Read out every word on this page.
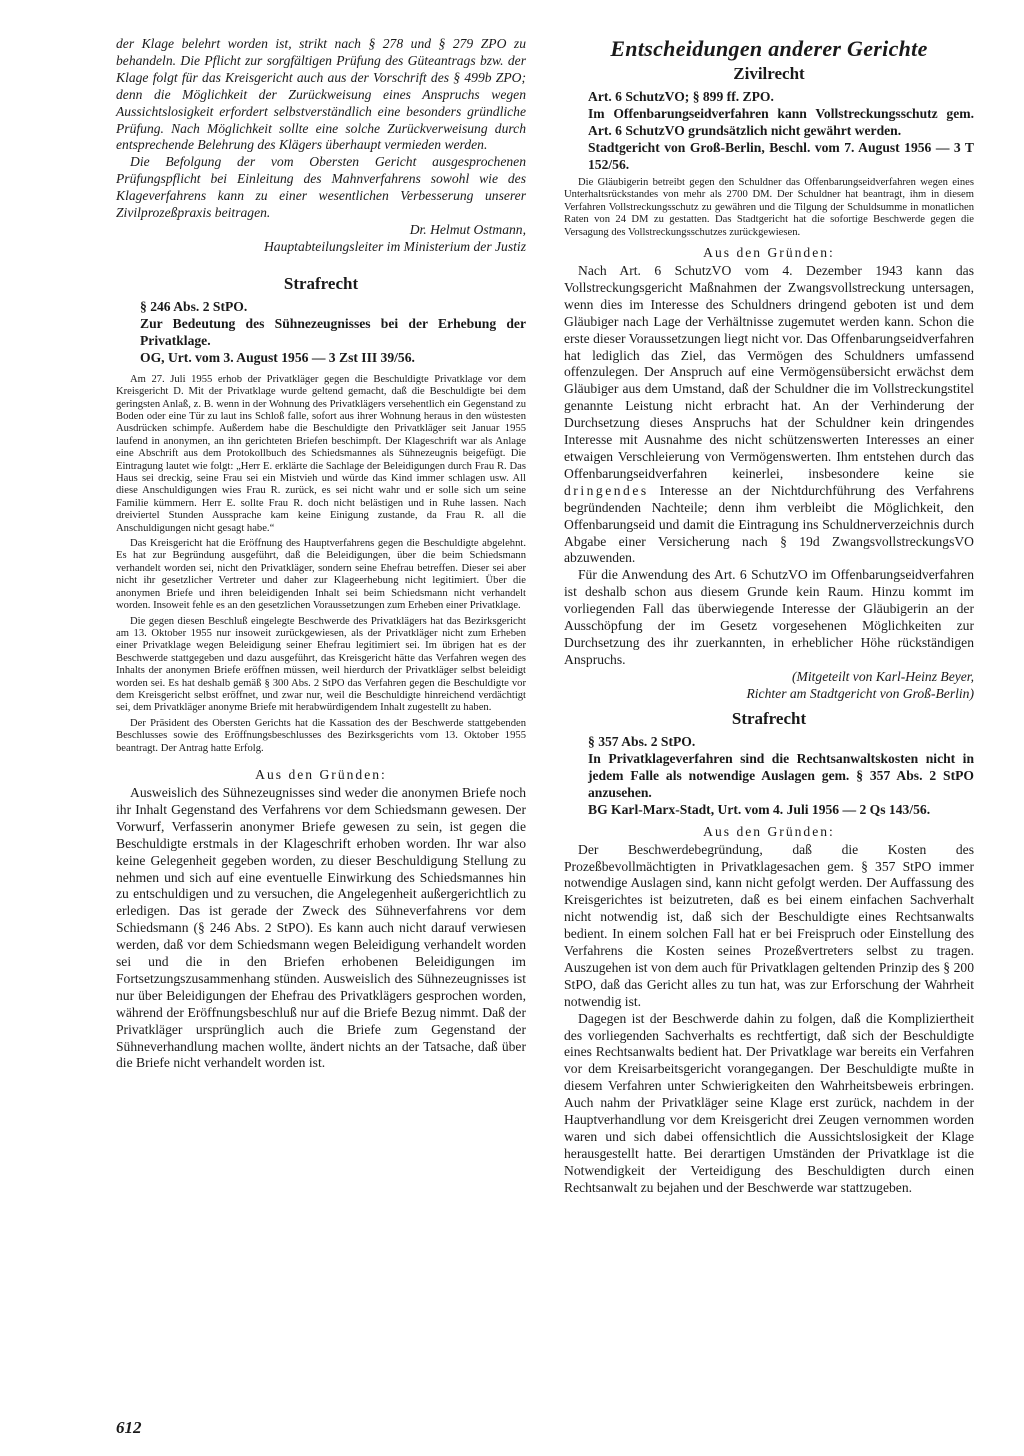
der Klage belehrt worden ist, strikt nach § 278 und § 279 ZPO zu behandeln. Die Pflicht zur sorgfältigen Prüfung des Güteantrags bzw. der Klage folgt für das Kreisgericht auch aus der Vorschrift des § 499b ZPO; denn die Möglichkeit der Zurückweisung eines Anspruchs wegen Aussichtslosigkeit erfordert selbstverständlich eine besonders gründliche Prüfung. Nach Möglichkeit sollte eine solche Zurückverweisung durch entsprechende Belehrung des Klägers überhaupt vermieden werden.

Die Befolgung der vom Obersten Gericht ausgesprochenen Prüfungspflicht bei Einleitung des Mahnverfahrens sowohl wie des Klageverfahrens kann zu einer wesentlichen Verbesserung unserer Zivilprozeßpraxis beitragen.

Dr. Helmut Ostmann,

Hauptabteilungsleiter im Ministerium der Justiz

Strafrecht

§ 246 Abs. 2 StPO.

Zur Bedeutung des Sühnezeugnisses bei der Erhebung der Privatklage.

OG, Urt. vom 3. August 1956 — 3 Zst III 39/56.

Am 27. Juli 1955 erhob der Privatkläger gegen die Beschuldigte Privatklage vor dem Kreisgericht D. Mit der Privatklage wurde geltend gemacht, daß die Beschuldigte bei dem geringsten Anlaß, z. B. wenn in der Wohnung des Privatklägers versehentlich ein Gegenstand zu Boden oder eine Tür zu laut ins Schloß falle, sofort aus ihrer Wohnung heraus in den wüstesten Ausdrücken schimpfe. Außerdem habe die Beschuldigte den Privatkläger seit Januar 1955 laufend in anonymen, an ihn gerichteten Briefen beschimpft. Der Klageschrift war als Anlage eine Abschrift aus dem Protokollbuch des Schiedsmannes als Sühnezeugnis beigefügt. Die Eintragung lautet wie folgt: „Herr E. erklärte die Sachlage der Beleidigungen durch Frau R. Das Haus sei dreckig, seine Frau sei ein Mistvieh und würde das Kind immer schlagen usw. All diese Anschuldigungen wies Frau R. zurück, es sei nicht wahr und er solle sich um seine Familie kümmern. Herr E. sollte Frau R. doch nicht belästigen und in Ruhe lassen. Nach dreiviertel Stunden Aussprache kam keine Einigung zustande, da Frau R. all die Anschuldigungen nicht gesagt habe.“

Das Kreisgericht hat die Eröffnung des Hauptverfahrens gegen die Beschuldigte abgelehnt. Es hat zur Begründung ausgeführt, daß die Beleidigungen, über die beim Schiedsmann verhandelt worden sei, nicht den Privatkläger, sondern seine Ehefrau betreffen. Dieser sei aber nicht ihr gesetzlicher Vertreter und daher zur Klageerhebung nicht legitimiert. Über die anonymen Briefe und ihren beleidigenden Inhalt sei beim Schiedsmann nicht verhandelt worden. Insoweit fehle es an den gesetzlichen Voraussetzungen zum Erheben einer Privatklage.

Die gegen diesen Beschluß eingelegte Beschwerde des Privatklägers hat das Bezirksgericht am 13. Oktober 1955 nur insoweit zurückgewiesen, als der Privatkläger nicht zum Erheben einer Privatklage wegen Beleidigung seiner Ehefrau legitimiert sei. Im übrigen hat es der Beschwerde stattgegeben und dazu ausgeführt, das Kreisgericht hätte das Verfahren wegen des Inhalts der anonymen Briefe eröffnen müssen, weil hierdurch der Privatkläger selbst beleidigt worden sei. Es hat deshalb gemäß § 300 Abs. 2 StPO das Verfahren gegen die Beschuldigte vor dem Kreisgericht selbst eröffnet, und zwar nur, weil die Beschuldigte hinreichend verdächtigt sei, dem Privatkläger anonyme Briefe mit herabwürdigendem Inhalt zugestellt zu haben.

Der Präsident des Obersten Gerichts hat die Kassation des der Beschwerde stattgebenden Beschlusses sowie des Eröffnungsbeschlusses des Bezirksgerichts vom 13. Oktober 1955 beantragt. Der Antrag hatte Erfolg.

Aus den Gründen:

Ausweislich des Sühnezeugnisses sind weder die anonymen Briefe noch ihr Inhalt Gegenstand des Verfahrens vor dem Schiedsmann gewesen. Der Vorwurf, Verfasserin anonymer Briefe gewesen zu sein, ist gegen die Beschuldigte erstmals in der Klageschrift erhoben worden. Ihr war also keine Gelegenheit gegeben worden, zu dieser Beschuldigung Stellung zu nehmen und sich auf eine eventuelle Einwirkung des Schiedsmannes hin zu entschuldigen und zu versuchen, die Angelegenheit außergerichtlich zu erledigen. Das ist gerade der Zweck des Sühneverfahrens vor dem Schiedsmann (§ 246 Abs. 2 StPO). Es kann auch nicht darauf verwiesen werden, daß vor dem Schiedsmann wegen Beleidigung verhandelt worden sei und die in den Briefen erhobenen Beleidigungen im Fortsetzungszusammenhang stünden. Ausweislich des Sühnezeugnisses ist nur über Beleidigungen der Ehefrau des Privatklägers gesprochen worden, während der Eröffnungsbeschluß nur auf die Briefe Bezug nimmt. Daß der Privatkläger ursprünglich auch die Briefe zum Gegenstand der Sühneverhandlung machen wollte, ändert nichts an der Tatsache, daß über die Briefe nicht verhandelt worden ist.

Entscheidungen anderer Gerichte
Zivilrecht

Art. 6 SchutzVO; § 899 ff. ZPO.

Im Offenbarungseidverfahren kann Vollstreckungsschutz gem. Art. 6 SchutzVO grundsätzlich nicht gewährt werden.

Stadtgericht von Groß-Berlin, Beschl. vom 7. August 1956 — 3 T 152/56.

Die Gläubigerin betreibt gegen den Schuldner das Offenbarungseidverfahren wegen eines Unterhaltsrückstandes von mehr als 2700 DM. Der Schuldner hat beantragt, ihm in diesem Verfahren Vollstreckungsschutz zu gewähren und die Tilgung der Schuldsumme in monatlichen Raten von 24 DM zu gestatten. Das Stadtgericht hat die sofortige Beschwerde gegen die Versagung des Vollstreckungsschutzes zurückgewiesen.

Aus den Gründen:

Nach Art. 6 SchutzVO vom 4. Dezember 1943 kann das Vollstreckungsgericht Maßnahmen der Zwangsvollstreckung untersagen, wenn dies im Interesse des Schuldners dringend geboten ist und dem Gläubiger nach Lage der Verhältnisse zugemutet werden kann. Schon die erste dieser Voraussetzungen liegt nicht vor. Das Offenbarungseidverfahren hat lediglich das Ziel, das Vermögen des Schuldners umfassend offenzulegen. Der Anspruch auf eine Vermögensübersicht erwächst dem Gläubiger aus dem Umstand, daß der Schuldner die im Vollstreckungstitel genannte Leistung nicht erbracht hat. An der Verhinderung der Durchsetzung dieses Anspruchs hat der Schuldner kein dringendes Interesse mit Ausnahme des nicht schützenswerten Interesses an einer etwaigen Verschleierung von Vermögenswerten. Ihm entstehen durch das Offenbarungseidverfahren keinerlei, insbesondere keine sie dringendes Interesse an der Nichtdurchführung des Verfahrens begründenden Nachteile; denn ihm verbleibt die Möglichkeit, den Offenbarungseid und damit die Eintragung ins Schuldnerverzeichnis durch Abgabe einer Versicherung nach § 19d ZwangsvollstreckungsVO abzuwenden.

Für die Anwendung des Art. 6 SchutzVO im Offenbarungseidverfahren ist deshalb schon aus diesem Grunde kein Raum. Hinzu kommt im vorliegenden Fall das überwiegende Interesse der Gläubigerin an der Ausschöpfung der im Gesetz vorgesehenen Möglichkeiten zur Durchsetzung des ihr zuerkannten, in erheblicher Höhe rückständigen Anspruchs.

(Mitgeteilt von Karl-Heinz Beyer,

Richter am Stadtgericht von Groß-Berlin)

Strafrecht

§ 357 Abs. 2 StPO.

In Privatklageverfahren sind die Rechtsanwaltskosten nicht in jedem Falle als notwendige Auslagen gem. § 357 Abs. 2 StPO anzusehen.

BG Karl-Marx-Stadt, Urt. vom 4. Juli 1956 — 2 Qs 143/56.

Aus den Gründen:

Der Beschwerdebegründung, daß die Kosten des Prozeßbevollmächtigten in Privatklagesachen gem. § 357 StPO immer notwendige Auslagen sind, kann nicht gefolgt werden. Der Auffassung des Kreisgerichtes ist beizutreten, daß es bei einem einfachen Sachverhalt nicht notwendig ist, daß sich der Beschuldigte eines Rechtsanwalts bedient. In einem solchen Fall hat er bei Freispruch oder Einstellung des Verfahrens die Kosten seines Prozeßvertreters selbst zu tragen. Auszugehen ist von dem auch für Privatklagen geltenden Prinzip des § 200 StPO, daß das Gericht alles zu tun hat, was zur Erforschung der Wahrheit notwendig ist.

Dagegen ist der Beschwerde dahin zu folgen, daß die Kompliziertheit des vorliegenden Sachverhalts es rechtfertigt, daß sich der Beschuldigte eines Rechtsanwalts bedient hat. Der Privatklage war bereits ein Verfahren vor dem Kreisarbeitsgericht vorangegangen. Der Beschuldigte mußte in diesem Verfahren unter Schwierigkeiten den Wahrheitsbeweis erbringen. Auch nahm der Privatkläger seine Klage erst zurück, nachdem in der Hauptverhandlung vor dem Kreisgericht drei Zeugen vernommen worden waren und sich dabei offensichtlich die Aussichtslosigkeit der Klage herausgestellt hatte. Bei derartigen Umständen der Privatklage ist die Notwendigkeit der Verteidigung des Beschuldigten durch einen Rechtsanwalt zu bejahen und der Beschwerde war stattzugeben.

612
